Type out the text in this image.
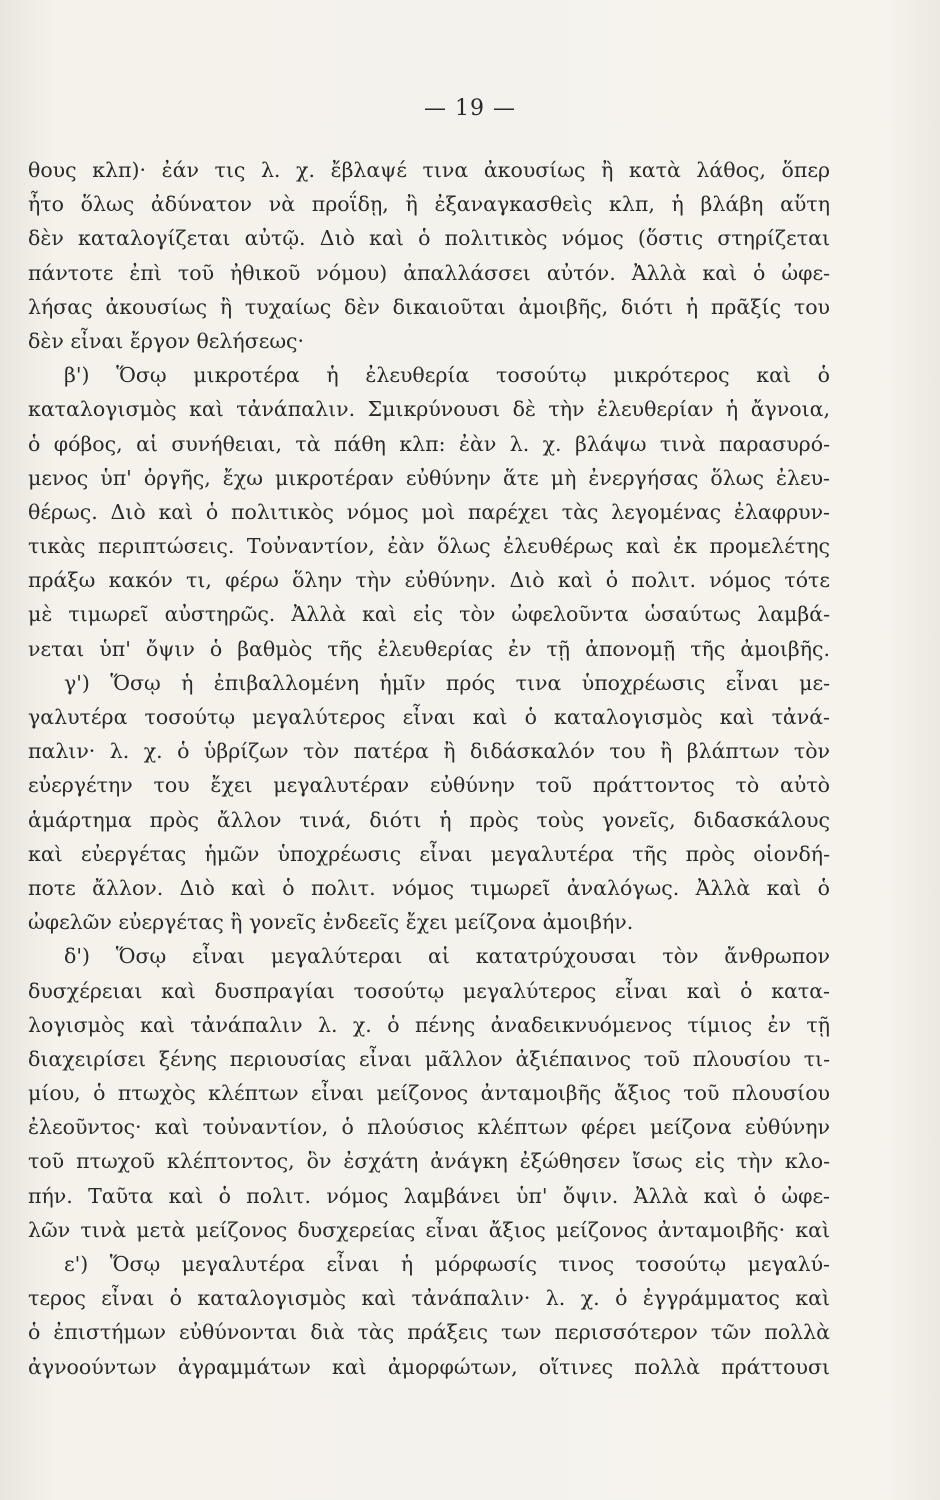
— 19 —
θους κλπ)· ἐάν τις λ. χ. ἔβλαψέ τινα ἀκουσίως ἢ κατὰ λάθος, ὅπερ
ἦτο ὅλως ἀδύνατον νὰ προΐδῃ, ἢ ἐξαναγκασθεὶς κλπ, ἡ βλάβη αὕτη
δὲν καταλογίζεται αὐτῷ. Διὸ καὶ ὁ πολιτικὸς νόμος (ὅστις στηρίζεται
πάντοτε ἐπὶ τοῦ ἠθικοῦ νόμου) ἀπαλλάσσει αὐτόν. Ἀλλὰ καὶ ὁ ὠφε-
λήσας ἀκουσίως ἢ τυχαίως δὲν δικαιοῦται ἀμοιβῆς, διότι ἡ πρᾶξίς του
δὲν εἶναι ἔργον θελήσεως·
β') Ὅσῳ μικροτέρα ἡ ἐλευθερία τοσούτῳ μικρότερος καὶ ὁ
καταλογισμὸς καὶ τἀνάπαλιν. Σμικρύνουσι δὲ τὴν ἐλευθερίαν ἡ ἄγνοια,
ὁ φόβος, αἱ συνήθειαι, τὰ πάθη κλπ: ἐὰν λ. χ. βλάψω τινὰ παρασυρό-
μενος ὑπ' ὀργῆς, ἔχω μικροτέραν εὐθύνην ἅτε μὴ ἐνεργήσας ὅλως ἐλευ-
θέρως. Διὸ καὶ ὁ πολιτικὸς νόμος μοὶ παρέχει τὰς λεγομένας ἐλαφρυν-
τικὰς περιπτώσεις. Τοὐναντίον, ἐὰν ὅλως ἐλευθέρως καὶ ἐκ προμελέτης
πράξω κακόν τι, φέρω ὅλην τὴν εὐθύνην. Διὸ καὶ ὁ πολιτ. νόμος τότε
μὲ τιμωρεῖ αὐστηρῶς. Ἀλλὰ καὶ εἰς τὸν ὠφελοῦντα ὡσαύτως λαμβά-
νεται ὑπ' ὄψιν ὁ βαθμὸς τῆς ἐλευθερίας ἐν τῇ ἀπονομῇ τῆς ἀμοιβῆς.
γ') Ὅσῳ ἡ ἐπιβαλλομένη ἡμῖν πρός τινα ὑποχρέωσις εἶναι με-
γαλυτέρα τοσούτῳ μεγαλύτερος εἶναι καὶ ὁ καταλογισμὸς καὶ τἀνά-
παλιν· λ. χ. ὁ ὑβρίζων τὸν πατέρα ἢ διδάσκαλόν του ἢ βλάπτων τὸν
εὐεργέτην του ἔχει μεγαλυτέραν εὐθύνην τοῦ πράττοντος τὸ αὐτὸ
ἁμάρτημα πρὸς ἄλλον τινά, διότι ἡ πρὸς τοὺς γονεῖς, διδασκάλους
καὶ εὐεργέτας ἡμῶν ὑποχρέωσις εἶναι μεγαλυτέρα τῆς πρὸς οἱονδή-
ποτε ἄλλον. Διὸ καὶ ὁ πολιτ. νόμος τιμωρεῖ ἀναλόγως. Ἀλλὰ καὶ ὁ
ὠφελῶν εὐεργέτας ἢ γονεῖς ἐνδεεῖς ἔχει μείζονα ἀμοιβήν.
δ') Ὅσῳ εἶναι μεγαλύτεραι αἱ κατατρύχουσαι τὸν ἄνθρωπον
δυσχέρειαι καὶ δυσπραγίαι τοσούτῳ μεγαλύτερος εἶναι καὶ ὁ κατα-
λογισμὸς καὶ τἀνάπαλιν λ. χ. ὁ πένης ἀναδεικνυόμενος τίμιος ἐν τῇ
διαχειρίσει ξένης περιουσίας εἶναι μᾶλλον ἀξιέπαινος τοῦ πλουσίου τι-
μίου, ὁ πτωχὸς κλέπτων εἶναι μείζονος ἀνταμοιβῆς ἄξιος τοῦ πλουσίου
ἐλεοῦντος· καὶ τοὐναντίον, ὁ πλούσιος κλέπτων φέρει μείζονα εὐθύνην
τοῦ πτωχοῦ κλέπτοντος, ὃν ἐσχάτη ἀνάγκη ἐξώθησεν ἴσως εἰς τὴν κλο-
πήν. Ταῦτα καὶ ὁ πολιτ. νόμος λαμβάνει ὑπ' ὄψιν. Ἀλλὰ καὶ ὁ ὠφε-
λῶν τινὰ μετὰ μείζονος δυσχερείας εἶναι ἄξιος μείζονος ἀνταμοιβῆς· καὶ
ε') Ὅσῳ μεγαλυτέρα εἶναι ἡ μόρφωσίς τινος τοσούτῳ μεγαλύ-
τερος εἶναι ὁ καταλογισμὸς καὶ τἀνάπαλιν· λ. χ. ὁ ἐγγράμματος καὶ
ὁ ἐπιστήμων εὐθύνονται διὰ τὰς πράξεις των περισσότερον τῶν πολλὰ
ἀγνοούντων ἀγραμμάτων καὶ ἀμορφώτων, οἵτινες πολλὰ πράττουσι
